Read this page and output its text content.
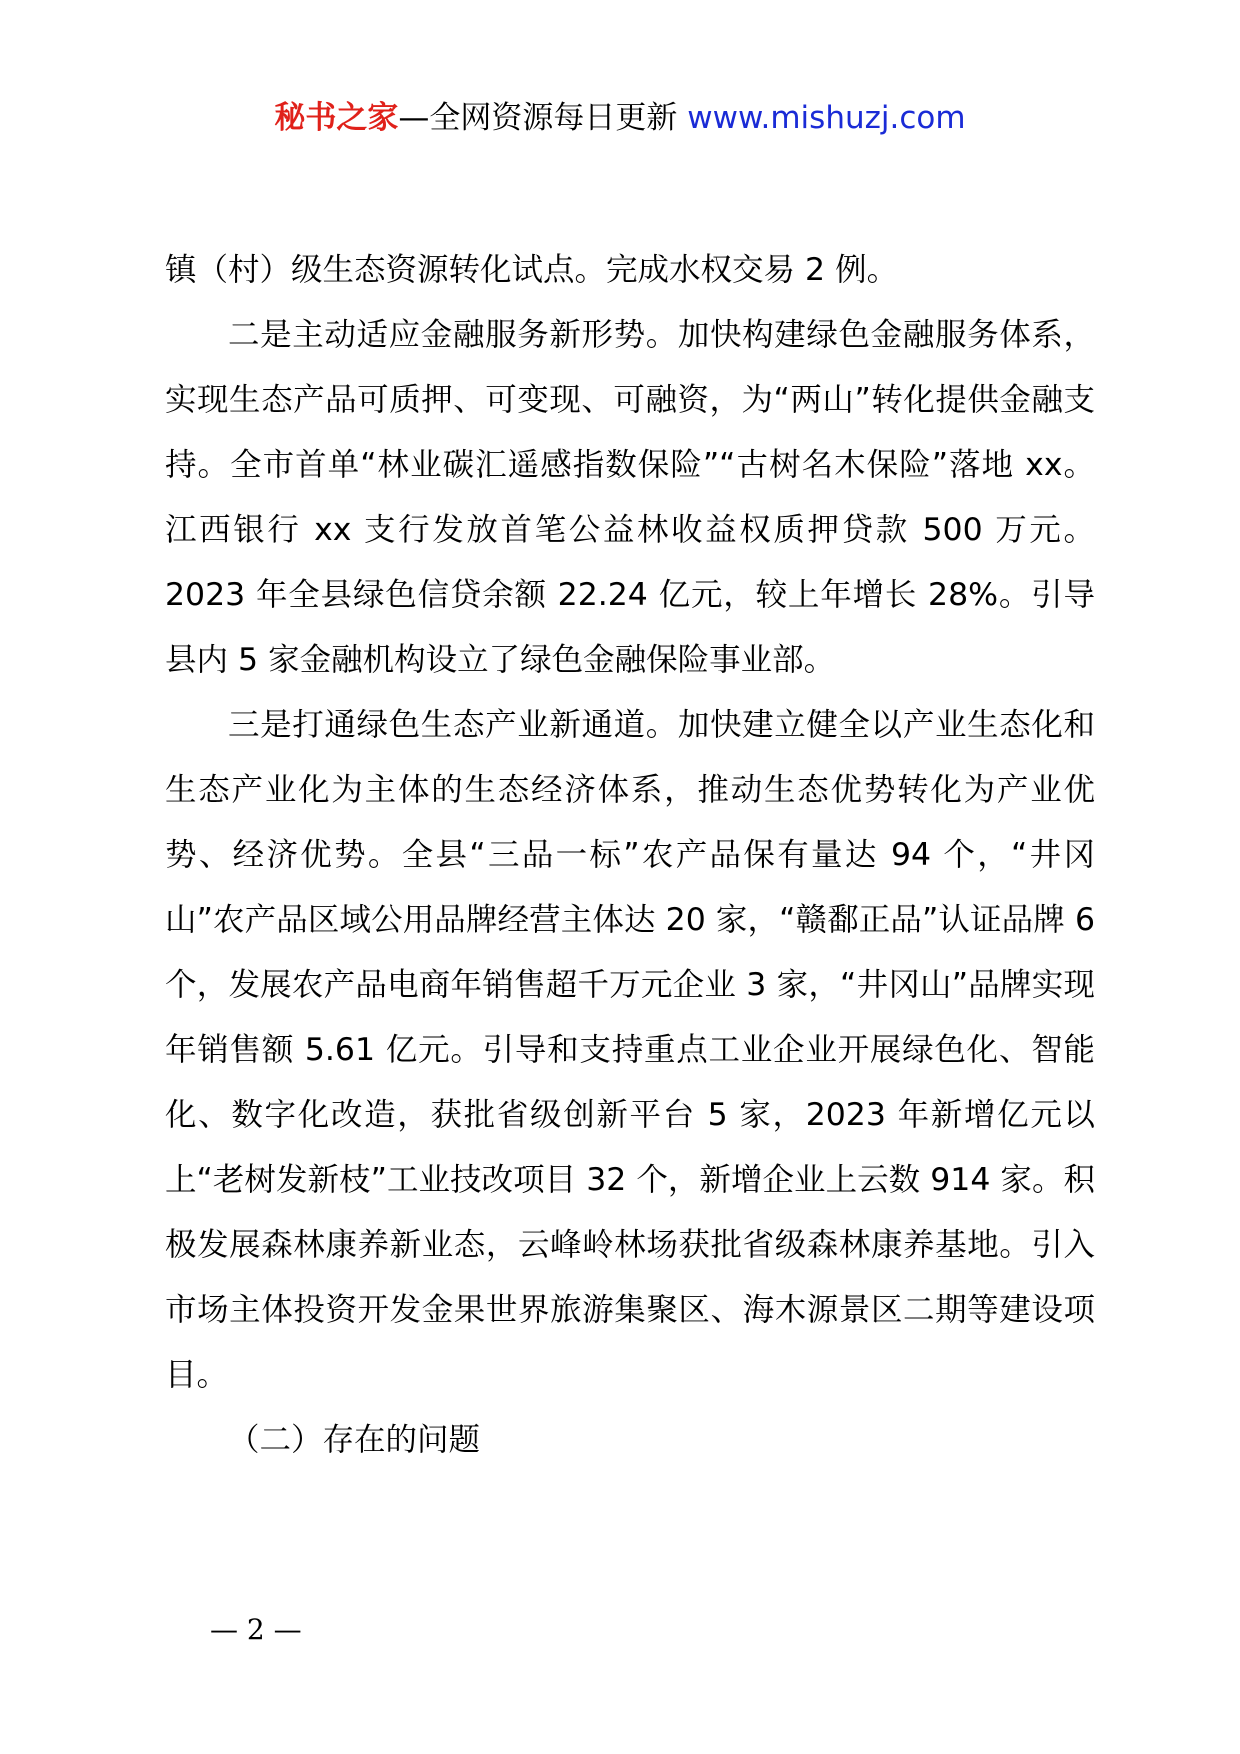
秘书之家—全网资源每日更新 www.mishuzj.com

镇（村）级生态资源转化试点。完成水权交易 2 例。

二是主动适应金融服务新形势。加快构建绿色金融服务体系，实现生态产品可质押、可变现、可融资，为“两山”转化提供金融支持。全市首单“林业碳汇遥感指数保险”“古树名木保险”落地 xx。江西银行 xx 支行发放首笔公益林收益权质押贷款 500 万元。2023 年全县绿色信贷余额 22.24 亿元，较上年增长 28%。引导县内 5 家金融机构设立了绿色金融保险事业部。

三是打通绿色生态产业新通道。加快建立健全以产业生态化和生态产业化为主体的生态经济体系，推动生态优势转化为产业优势、经济优势。全县“三品一标”农产品保有量达 94 个，“井冈山”农产品区域公用品牌经营主体达 20 家，“赣鄱正品”认证品牌 6 个，发展农产品电商年销售超千万元企业 3 家，“井冈山”品牌实现年销售额 5.61 亿元。引导和支持重点工业企业开展绿色化、智能化、数字化改造，获批省级创新平台 5 家，2023 年新增亿元以上“老树发新枝”工业技改项目 32 个，新增企业上云数 914 家。积极发展森林康养新业态，云峰岭林场获批省级森林康养基地。引入市场主体投资开发金果世界旅游集聚区、海木源景区二期等建设项目。

（二）存在的问题

— 2 —
